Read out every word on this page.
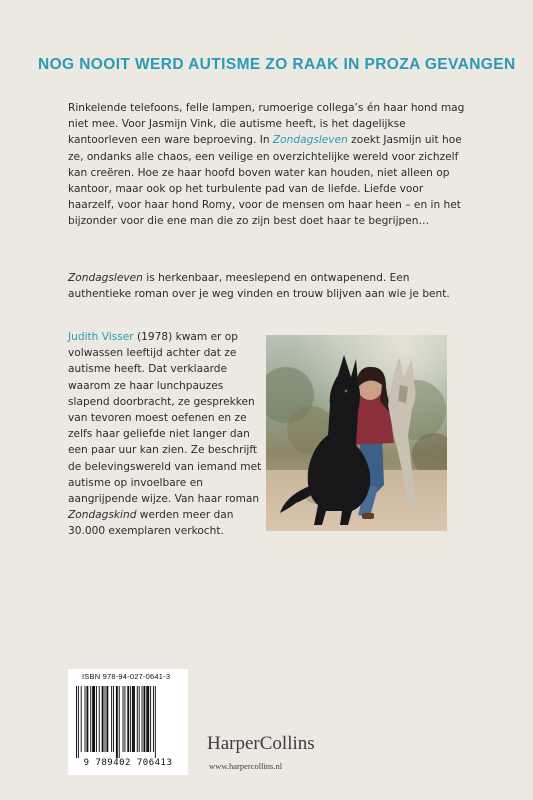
NOG NOOIT WERD AUTISME ZO RAAK IN PROZA GEVANGEN

Rinkelende telefoons, felle lampen, rumoerige collega’s én haar hond mag niet mee. Voor Jasmijn Vink, die autisme heeft, is het dagelijkse kantoorleven een ware beproeving. In Zondagsleven zoekt Jasmijn uit hoe ze, ondanks alle chaos, een veilige en overzichtelijke wereld voor zichzelf kan creëren. Hoe ze haar hoofd boven water kan houden, niet alleen op kantoor, maar ook op het turbulente pad van de liefde. Liefde voor haarzelf, voor haar hond Romy, voor de mensen om haar heen – en in het bijzonder voor die ene man die zo zijn best doet haar te begrijpen…

Zondagsleven is herkenbaar, meeslepend en ontwapenend. Een authentieke roman over je weg vinden en trouw blijven aan wie je bent.

Judith Visser (1978) kwam er op volwassen leeftijd achter dat ze autisme heeft. Dat verklaarde waarom ze haar lunchpauzes slapend doorbracht, ze gesprekken van tevoren moest oefenen en ze zelfs haar geliefde niet langer dan een paar uur kan zien. Ze beschrijft de belevingswereld van iemand met autisme op invoelbare en aangrijpende wijze. Van haar roman Zondagskind werden meer dan 30.000 exemplaren verkocht.

ISBN 978-94-027-0641-3
9 789402 706413
HarperCollins
www.harpercollins.nl
